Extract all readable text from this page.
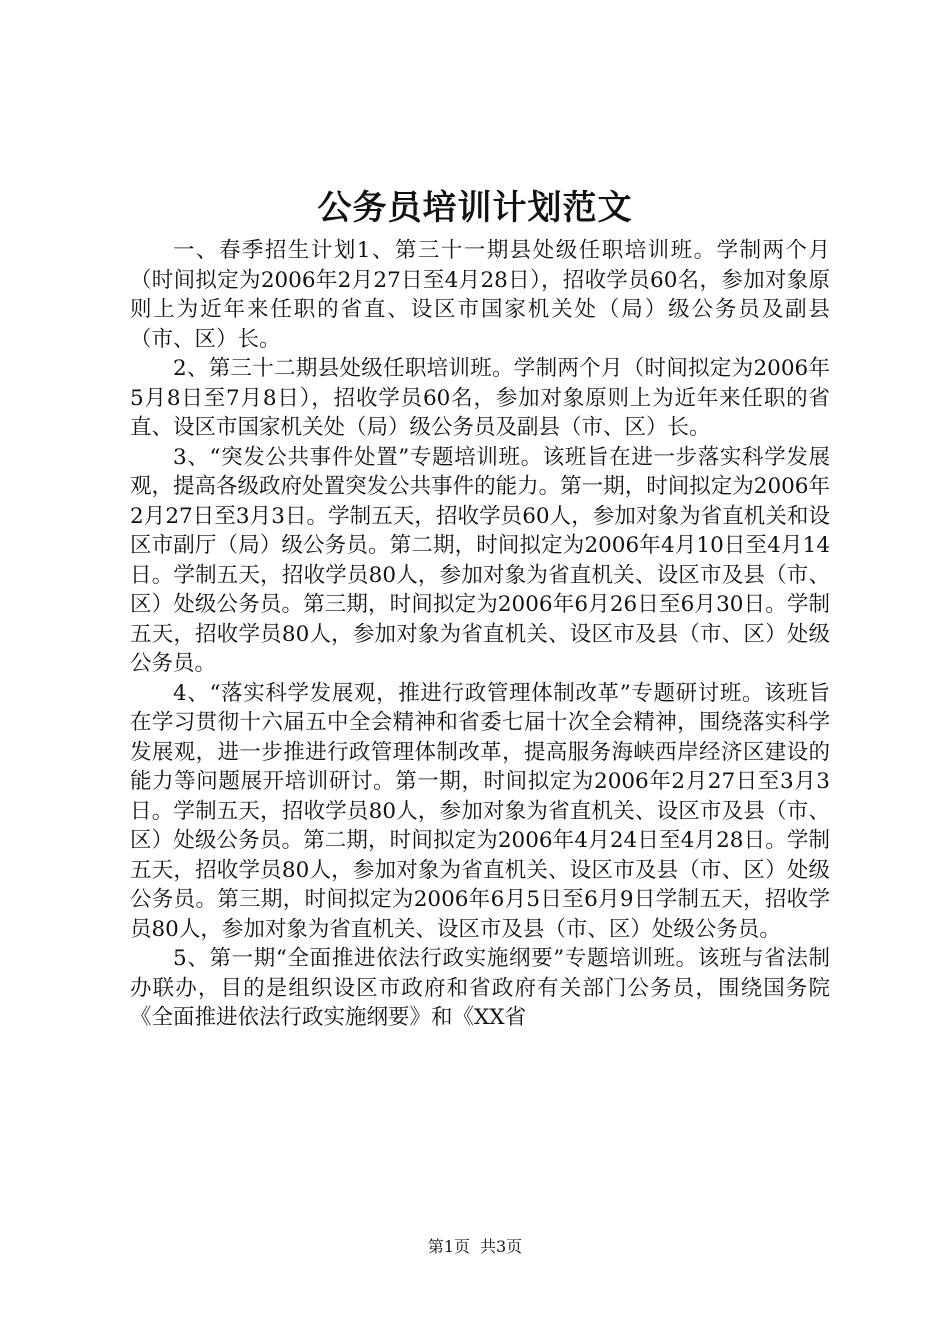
公务员培训计划范文

一、春季招生计划1、第三十一期县处级任职培训班。学制两个月（时间拟定为2006年2月27日至4月28日），招收学员60名，参加对象原则上为近年来任职的省直、设区市国家机关处（局）级公务员及副县（市、区）长。

2、第三十二期县处级任职培训班。学制两个月（时间拟定为2006年5月8日至7月8日），招收学员60名，参加对象原则上为近年来任职的省直、设区市国家机关处（局）级公务员及副县（市、区）长。

3、“突发公共事件处置”专题培训班。该班旨在进一步落实科学发展观，提高各级政府处置突发公共事件的能力。第一期，时间拟定为2006年2月27日至3月3日。学制五天，招收学员60人，参加对象为省直机关和设区市副厅（局）级公务员。第二期，时间拟定为2006年4月10日至4月14日。学制五天，招收学员80人，参加对象为省直机关、设区市及县（市、区）处级公务员。第三期，时间拟定为2006年6月26日至6月30日。学制五天，招收学员80人，参加对象为省直机关、设区市及县（市、区）处级公务员。

4、“落实科学发展观，推进行政管理体制改革”专题研讨班。该班旨在学习贯彻十六届五中全会精神和省委七届十次全会精神，围绕落实科学发展观，进一步推进行政管理体制改革，提高服务海峡西岸经济区建设的能力等问题展开培训研讨。第一期，时间拟定为2006年2月27日至3月3日。学制五天，招收学员80人，参加对象为省直机关、设区市及县（市、区）处级公务员。第二期，时间拟定为2006年4月24日至4月28日。学制五天，招收学员80人，参加对象为省直机关、设区市及县（市、区）处级公务员。第三期，时间拟定为2006年6月5日至6月9日学制五天，招收学员80人，参加对象为省直机关、设区市及县（市、区）处级公务员。

5、第一期“全面推进依法行政实施纲要”专题培训班。该班与省法制办联办，目的是组织设区市政府和省政府有关部门公务员，围绕国务院《全面推进依法行政实施纲要》和《XX省

第1页 共3页
